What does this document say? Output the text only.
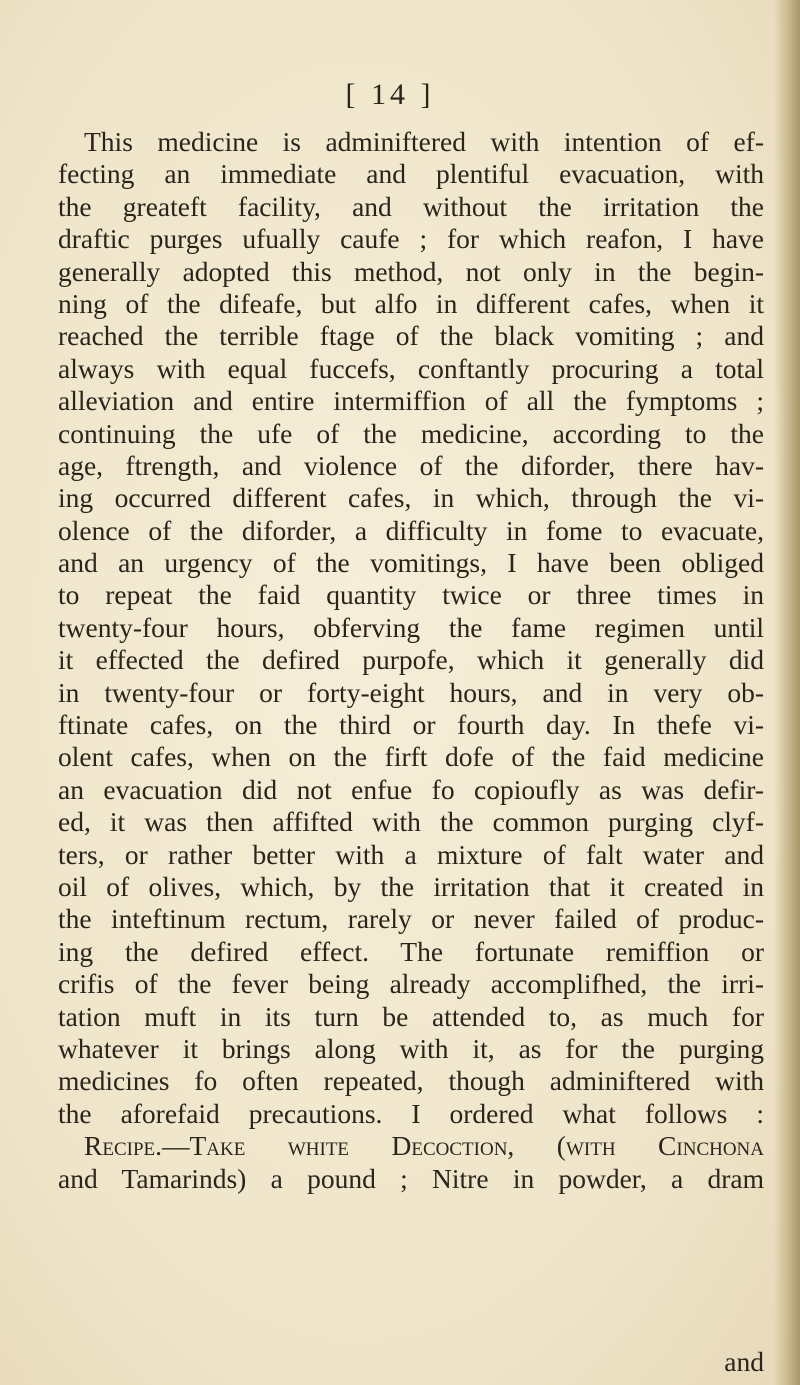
[ 14 ]
This medicine is adminiftered with intention of ef-
fecting an immediate and plentiful evacuation, with
the greateft facility, and without the irritation the
draftic purges ufually caufe ; for which reafon, I have
generally adopted this method, not only in the begin-
ning of the difeafe, but alfo in different cafes, when it
reached the terrible ftage of the black vomiting ; and
always with equal fuccefs, conftantly procuring a total
alleviation and entire intermiffion of all the fymptoms ;
continuing the ufe of the medicine, according to the
age, ftrength, and violence of the diforder, there hav-
ing occurred different cafes, in which, through the vi-
olence of the diforder, a difficulty in fome to evacuate,
and an urgency of the vomitings, I have been obliged
to repeat the faid quantity twice or three times in
twenty-four hours, obferving the fame regimen until
it effected the defired purpofe, which it generally did
in twenty-four or forty-eight hours, and in very ob-
ftinate cafes, on the third or fourth day. In thefe vi-
olent cafes, when on the firft dofe of the faid medicine
an evacuation did not enfue fo copioufly as was defir-
ed, it was then affifted with the common purging clyf-
ters, or rather better with a mixture of falt water and
oil of olives, which, by the irritation that it created in
the inteftinum rectum, rarely or never failed of produc-
ing the defired effect. The fortunate remiffion or
crifis of the fever being already accomplifhed, the irri-
tation muft in its turn be attended to, as much for
whatever it brings along with it, as for the purging
medicines fo often repeated, though adminiftered with
the aforefaid precautions. I ordered what follows :
Recipe.—Take white Decoction, (with Cinchona
and Tamarinds) a pound ; Nitre in powder, a dram
and
